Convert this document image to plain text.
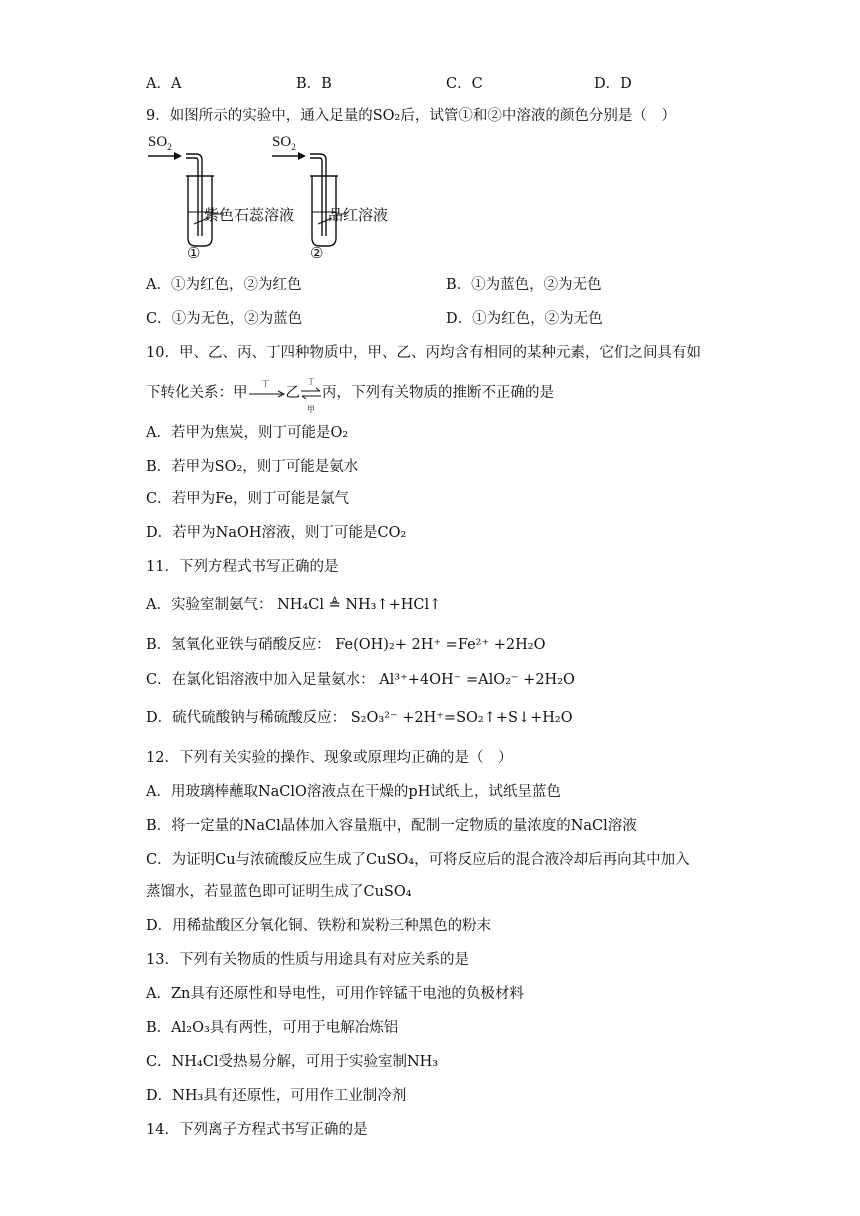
A．A	B．B	C．C	D．D
9．如图所示的实验中，通入足量的SO₂后，试管①和②中溶液的颜色分别是（　）
$SO_2$	$SO_2$
紫色石蕊溶液 品红溶液
①	②
A．①为红色，②为红色	B．①为蓝色，②为无色
C．①为无色，②为蓝色	D．①为红色，②为无色
10．甲、乙、丙、丁四种物质中，甲、乙、丙均含有相同的某种元素，它们之间具有如
下转化关系：甲
丁
乙
丁
甲
丙，下列有关物质的推断不正确的是
A．若甲为焦炭，则丁可能是O₂
B．若甲为SO₂，则丁可能是氨水
C．若甲为Fe，则丁可能是氯气
D．若甲为NaOH溶液，则丁可能是CO₂
11．下列方程式书写正确的是
A．实验室制氨气： NH₄Cl ≜ NH₃↑+HCl↑
B．氢氧化亚铁与硝酸反应： Fe(OH)₂+ 2H⁺ =Fe²⁺ +2H₂O
C．在氯化铝溶液中加入足量氨水： Al³⁺+4OH⁻ =AlO₂⁻ +2H₂O
D．硫代硫酸钠与稀硫酸反应： S₂O₃²⁻ +2H⁺=SO₂↑+S↓+H₂O
12．下列有关实验的操作、现象或原理均正确的是（　）
A．用玻璃棒蘸取NaClO溶液点在干燥的pH试纸上，试纸呈蓝色
B．将一定量的NaCl晶体加入容量瓶中，配制一定物质的量浓度的NaCl溶液
C．为证明Cu与浓硫酸反应生成了CuSO₄，可将反应后的混合液冷却后再向其中加入
蒸馏水，若显蓝色即可证明生成了CuSO₄
D．用稀盐酸区分氧化铜、铁粉和炭粉三种黑色的粉末
13．下列有关物质的性质与用途具有对应关系的是
A．Zn具有还原性和导电性，可用作锌锰干电池的负极材料
B．Al₂O₃具有两性，可用于电解冶炼铝
C．NH₄Cl受热易分解，可用于实验室制NH₃
D．NH₃具有还原性，可用作工业制冷剂
14．下列离子方程式书写正确的是
